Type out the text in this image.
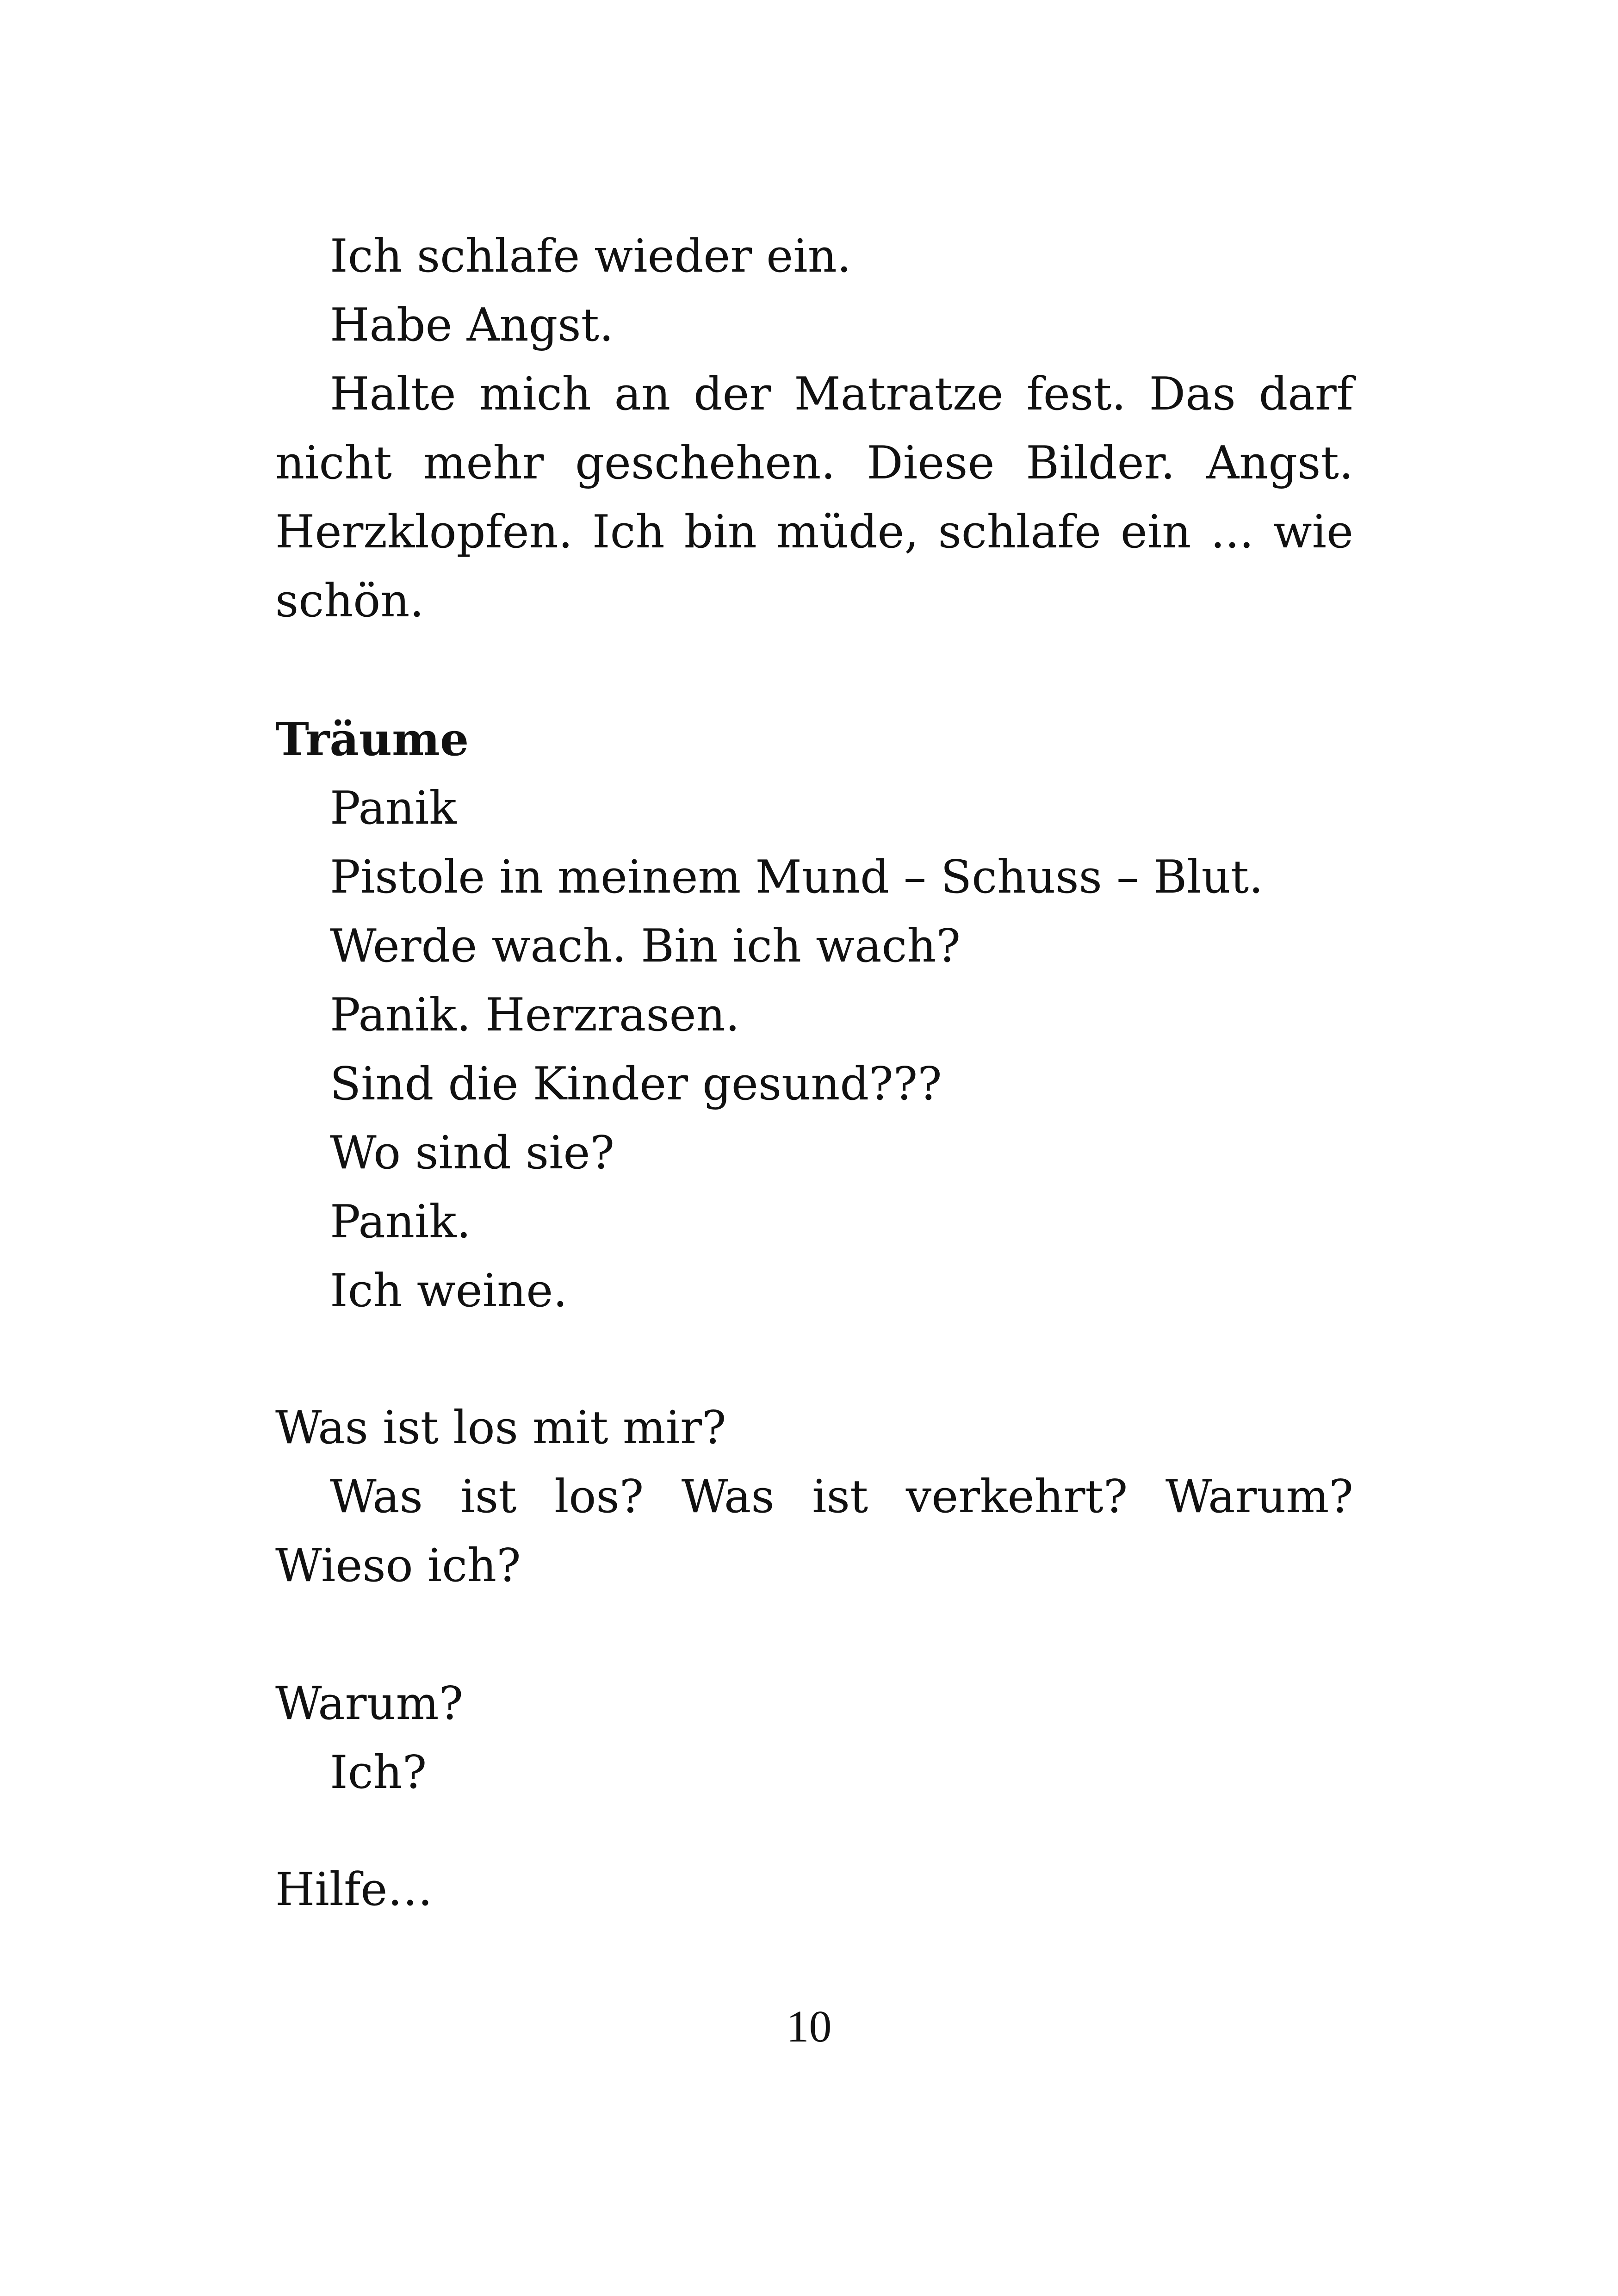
Ich schlafe wieder ein.
Habe Angst.
Halte mich an der Matratze fest. Das darf
nicht mehr geschehen. Diese Bilder. Angst.
Herzklopfen. Ich bin müde, schlafe ein ... wie
schön.
Träume
Panik
Pistole in meinem Mund – Schuss – Blut.
Werde wach. Bin ich wach?
Panik. Herzrasen.
Sind die Kinder gesund???
Wo sind sie?
Panik.
Ich weine.
Was ist los mit mir?
Was ist los? Was ist verkehrt? Warum?
Wieso ich?
Warum?
Ich?
Hilfe…
10
